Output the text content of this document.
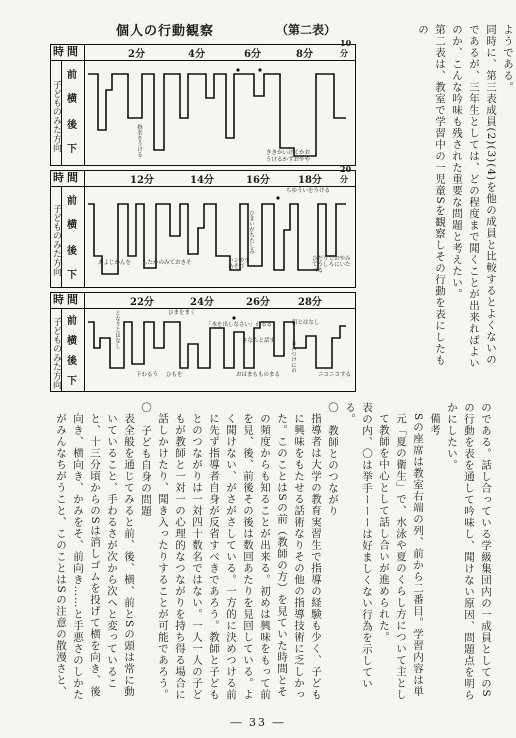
個人の行動観察	（第二表）
時間	2分	4分	6分	8分
10分
子どものみた方向
前
横
後
下	指名をうける	ききかいけてかお
うけるかずおやや
時間	12分	14分	16分	18分
20分
子どものみた方向
前
横
後
下
あよじかんを もたかのみておきそ	ハンカチあそび
ひきいがちたしみ
ちゆういをうける
ひだりでおやみてうしろにいたべる
時間	22分	24分	26分	28分
子どものみた方向 前
横
後
下
となりとはなし	ひまをまく
「本を出しなさい」わるる
さならと話す
鉛とはなし
下わるう ひもを	おはまもものまる
おみつけにの
ニコニコする

ようである。

同時に、第三表成員(2)(3)(4)を他の成員と比較するとよくないのであるが、三年生としては、どの程度まで聞くことが出来ればよいのか、こんな吟味も残された重要な問題と考えたい。

第二表は、教室で学習中の一児童Sを観察しその行動を表にしたもの

のである。話し合っている学級集団内の一成員としてのSの行動を表を通して吟味し、聞けない原因、問題点を明らかにしたい。

備考

Sの座席は教室右端の列、前から二番目。学習内容は単元「夏の衛生」で、水泳や夏のくらし方について主として教師を中心として話し合いが進められた。

表の内、〇は挙手ーーーは好ましくない行為を示している。

〇　教師とのつながり

指導者は大学の教育実習生で指導の経験も少く、子どもに興味をもたせる話術なりその他の指導技術に乏しかった。このことはSの前（教師の方）を見ていた時間とその頻度からも知ることが出来る。初めは興味をもって前を見、後、前後その後は数回あたりを見回している。よく聞けない、がさがさしている。一方的に決めつける前に先ず指導者自身が反省すべきであろう。教師と子どもとのつながりは一対四十数名ではない。一人一人の子どもが教師と一対一の心理的なつながりを持ち得る場合に話しかけたり、聞き入ったりすることが可能であろう。

〇　子ども自身の問題

表全般を通じてみると前、後、横、前とSの頭は常に動いていること、手わるさが次から次へと変っていること、十三分頃からのSは消しゴムを投げて横を向き、後向き、横向き、かみをそ、前向き……と手悪さのしかたがみんなちがうこと、このことはSの注意の散漫さと、

― 33 ―
